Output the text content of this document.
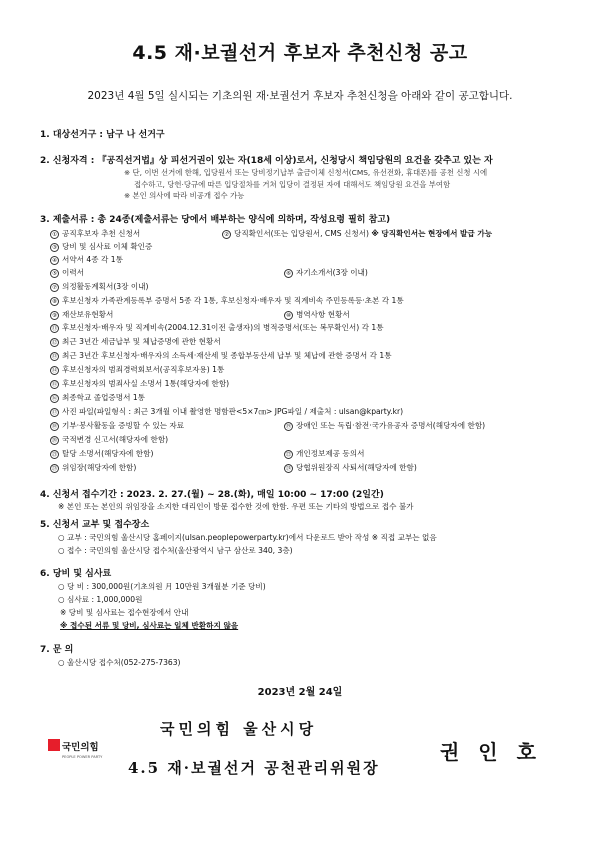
4.5 재·보궐선거 후보자 추천신청 공고
2023년 4월 5일 실시되는 기초의원 재·보궐선거 후보자 추천신청을 아래와 같이 공고합니다.
1. 대상선거구 : 남구 나 선거구
2. 신청자격 : 『공직선거법』상 피선거권이 있는 자(18세 이상)로서, 신청당시 책임당원의 요건을 갖추고 있는 자
※ 단, 이번 선거에 한해, 입당원서 또는 당비정기납부 출금이체 신청서(CMS, 유선전화, 휴대폰)를 공천 신청 시에
접수하고, 당헌·당규에 따른 입당절차를 거쳐 입당이 결정된 자에 대해서도 책임당원 요건을 부여함
※ 본인 의사에 따라 비공개 접수 가능
3. 제출서류 : 총 24종(제출서류는 당에서 배부하는 양식에 의하며, 작성요령 필히 참고)
① 공직후보자 추천 신청서	② 당직확인서(또는 입당원서, CMS 신청서) ※ 당직확인서는 현장에서 발급 가능
③ 당비 및 심사료 이체 확인증
④ 서약서 4종 각 1통
⑤ 이력서	⑥ 자기소개서(3장 이내)
⑦ 의정활동계획서(3장 이내)
⑧ 후보신청자 가족관계등록부 증명서 5종 각 1통, 후보신청자·배우자 및 직계비속 주민등록등·초본 각 1통
⑨ 재산보유현황서	⑩ 병역사항 현황서
⑪ 후보신청자·배우자 및 직계비속(2004.12.31이전 출생자)의 병적증명서(또는 복무확인서) 각 1통
⑫ 최근 3년간 세금납부 및 체납증명에 관한 현황서
⑬ 최근 3년간 후보신청자·배우자의 소득세·재산세 및 종합부동산세 납부 및 체납에 관한 증명서 각 1통
⑭ 후보신청자의 범죄경력회보서(공직후보자용) 1통
⑮ 후보신청자의 범죄사실 소명서 1통(해당자에 한함)
⑯ 최종학교 졸업증명서 1통
⑰ 사진 파일(파일형식 : 최근 3개월 이내 촬영한 명함판<5×7㎝> JPG파일 / 제출처 : ulsan@kparty.kr)
⑱ 기부·봉사활동을 증빙할 수 있는 자료	⑲ 장애인 또는 독립·참전·국가유공자 증명서(해당자에 한함)
⑳ 국적변경 신고서(해당자에 한함)
㉑ 탈당 소명서(해당자에 한함)	㉒ 개인정보제공 동의서
㉓ 위임장(해당자에 한함)	㉔ 당협위원장직 사퇴서(해당자에 한함)
4. 신청서 접수기간 : 2023. 2. 27.(월) ~ 28.(화), 매일 10:00 ~ 17:00 (2일간)
※ 본인 또는 본인의 위임장을 소지한 대리인이 방문 접수한 것에 한함. 우편 또는 기타의 방법으로 접수 불가
5. 신청서 교부 및 접수장소
○ 교부 : 국민의힘 울산시당 홈페이지(ulsan.peoplepowerparty.kr)에서 다운로드 받아 작성 ※ 직접 교부는 없음
○ 접수 : 국민의힘 울산시당 접수처(울산광역시 남구 삼산로 340, 3층)
6. 당비 및 심사료
○ 당 비 : 300,000원(기초의원 月 10만원 3개월분 기준 당비)
○ 심사료 : 1,000,000원
※ 당비 및 심사료는 접수현장에서 안내
※ 접수된 서류 및 당비, 심사료는 일체 반환하지 않음
7. 문 의
○ 울산시당 접수처(052-275-7363)
2023년 2월 24일
국민의힘
PEOPLE POWER PARTY
국민의힘 울산시당
4.5 재·보궐선거 공천관리위원장
권 인 호
